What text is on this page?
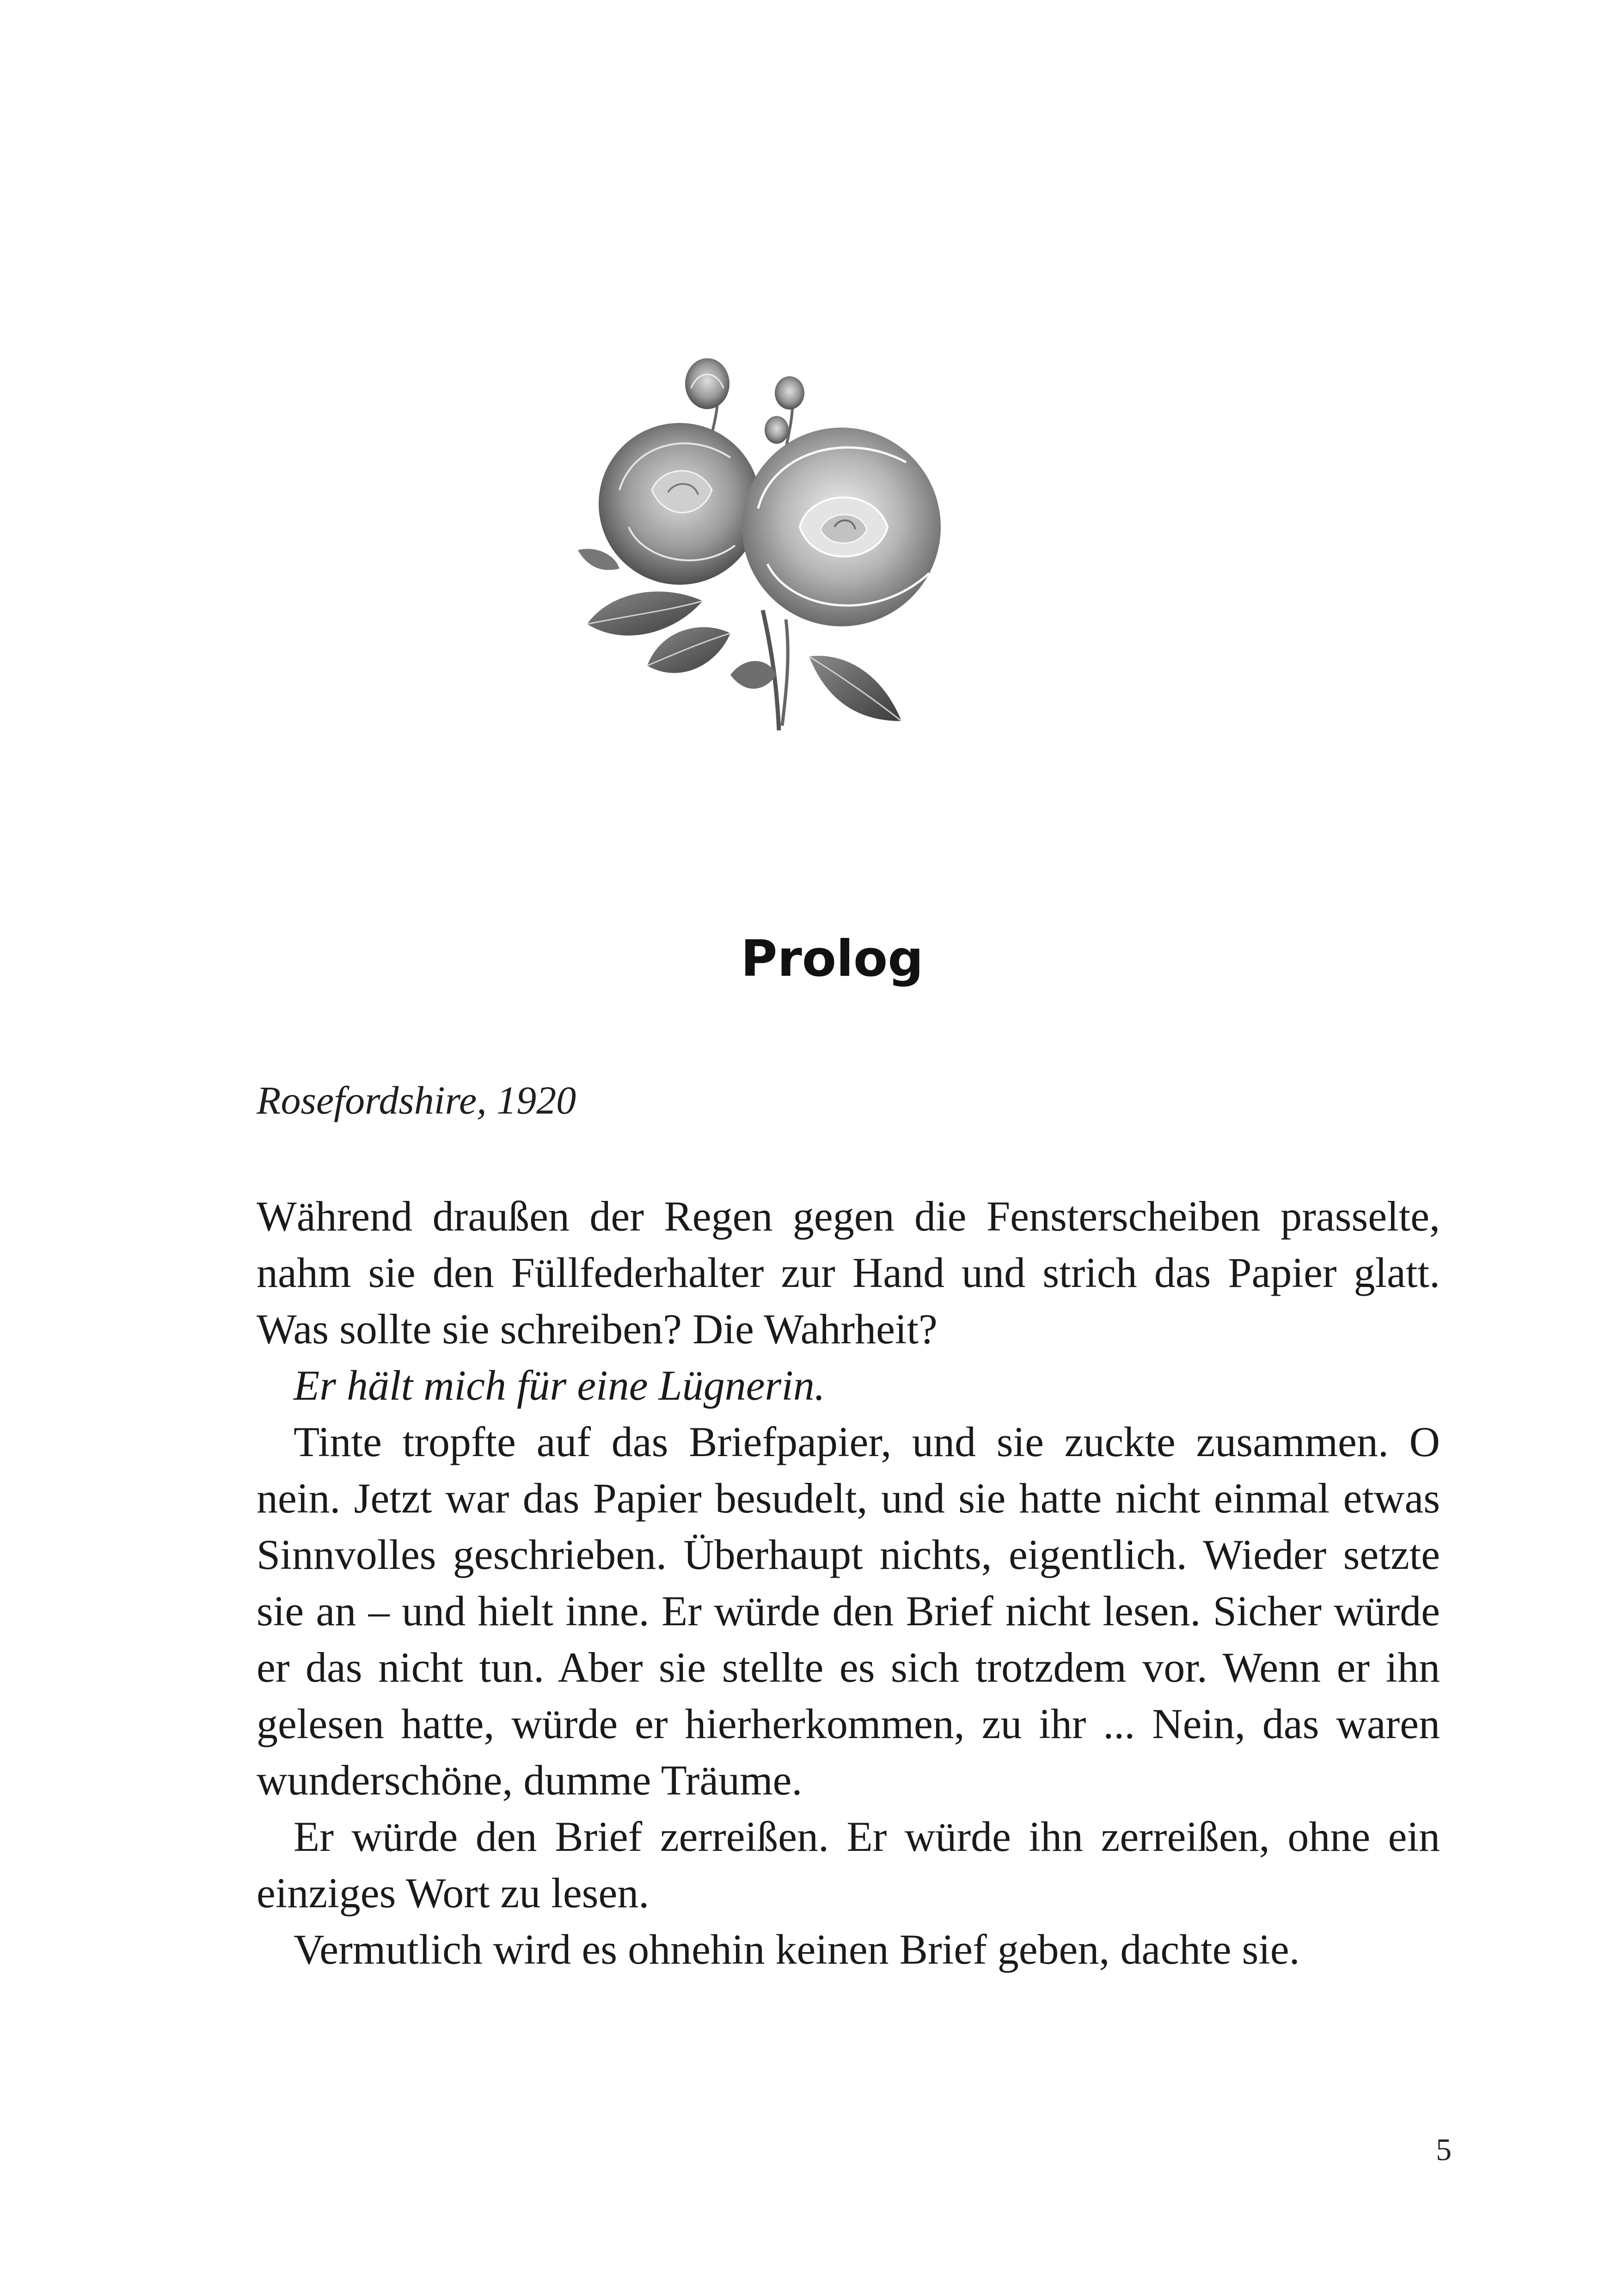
Prolog
Rosefordshire, 1920

Während draußen der Regen gegen die Fensterscheiben prasselte, nahm sie den Füllfederhalter zur Hand und strich das Papier glatt. Was sollte sie schreiben? Die Wahrheit?

Er hält mich für eine Lügnerin.

Tinte tropfte auf das Briefpapier, und sie zuckte zusammen. O nein. Jetzt war das Papier besudelt, und sie hatte nicht einmal etwas Sinnvolles geschrieben. Überhaupt nichts, eigentlich. Wieder setzte sie an – und hielt inne. Er würde den Brief nicht lesen. Sicher würde er das nicht tun. Aber sie stellte es sich trotzdem vor. Wenn er ihn gelesen hatte, würde er hierherkommen, zu ihr ... Nein, das waren wunderschöne, dumme Träume.

Er würde den Brief zerreißen. Er würde ihn zerreißen, ohne ein einziges Wort zu lesen.

Vermutlich wird es ohnehin keinen Brief geben, dachte sie.

5
